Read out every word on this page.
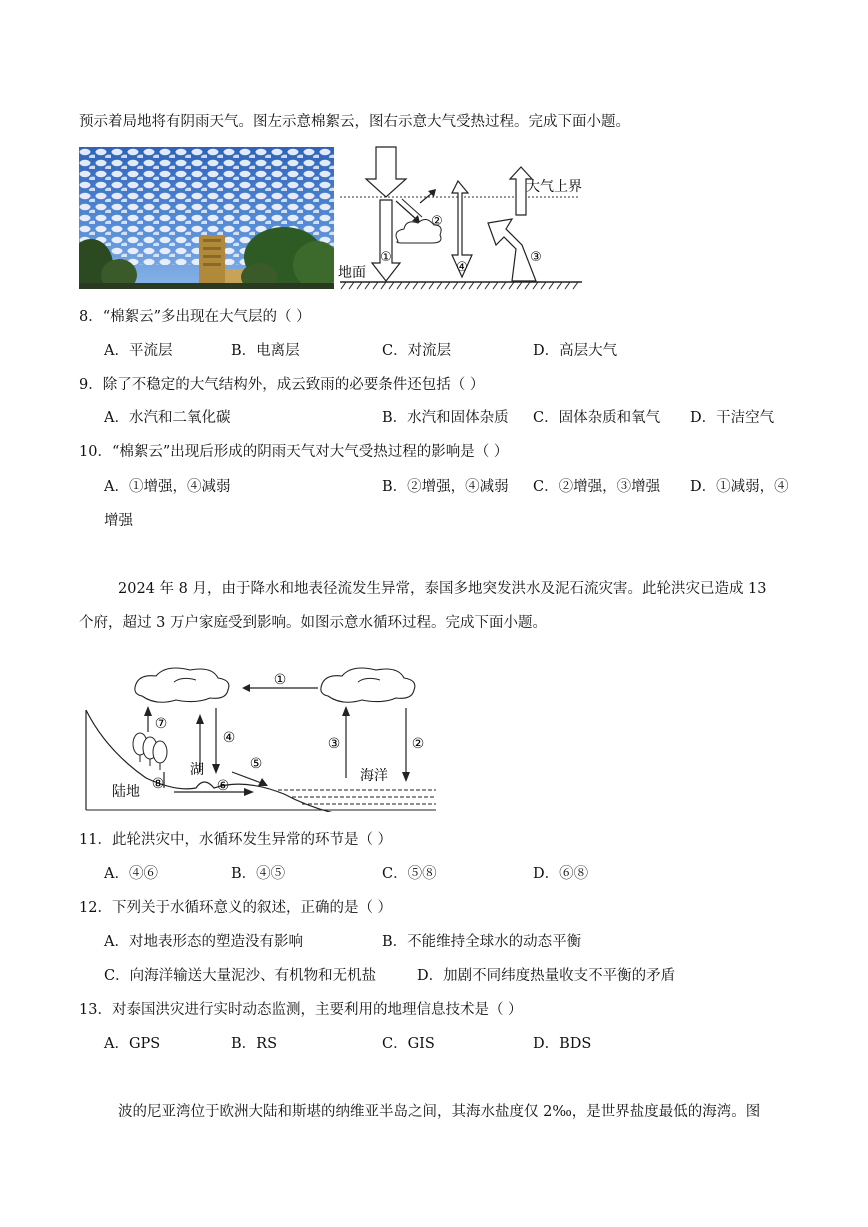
预示着局地将有阴雨天气。图左示意棉絮云，图右示意大气受热过程。完成下面小题。
①
②
④
③
大气上界
地面
8．“棉絮云”多出现在大气层的（ ）
A．平流层	B．电离层	C．对流层	D．高层大气
9．除了不稳定的大气结构外，成云致雨的必要条件还包括（ ）
A．水汽和二氧化碳	B．水汽和固体杂质 C．固体杂质和氧气 D．干洁空气
10．“棉絮云”出现后形成的阴雨天气对大气受热过程的影响是（ ）
A．①增强，④减弱	B．②增强，④减弱 C．②增强，③增强 D．①减弱，④
增强
2024 年 8 月，由于降水和地表径流发生异常，泰国多地突发洪水及泥石流灾害。此轮洪灾已造成 13
个府，超过 3 万户家庭受到影响。如图示意水循环过程。完成下面小题。
①
②
③
④
⑤
⑥
⑦
⑧
湖	海洋
陆地
11．此轮洪灾中，水循环发生异常的环节是（ ）
A．④⑥	B．④⑤	C．⑤⑧	D．⑥⑧
12．下列关于水循环意义的叙述，正确的是（ ）
A．对地表形态的塑造没有影响	B．不能维持全球水的动态平衡
C．向海洋输送大量泥沙、有机物和无机盐	D．加剧不同纬度热量收支不平衡的矛盾
13．对泰国洪灾进行实时动态监测，主要利用的地理信息技术是（ ）
A．GPS	B．RS	C．GIS	D．BDS
波的尼亚湾位于欧洲大陆和斯堪的纳维亚半岛之间，其海水盐度仅 2‰，是世界盐度最低的海湾。图
